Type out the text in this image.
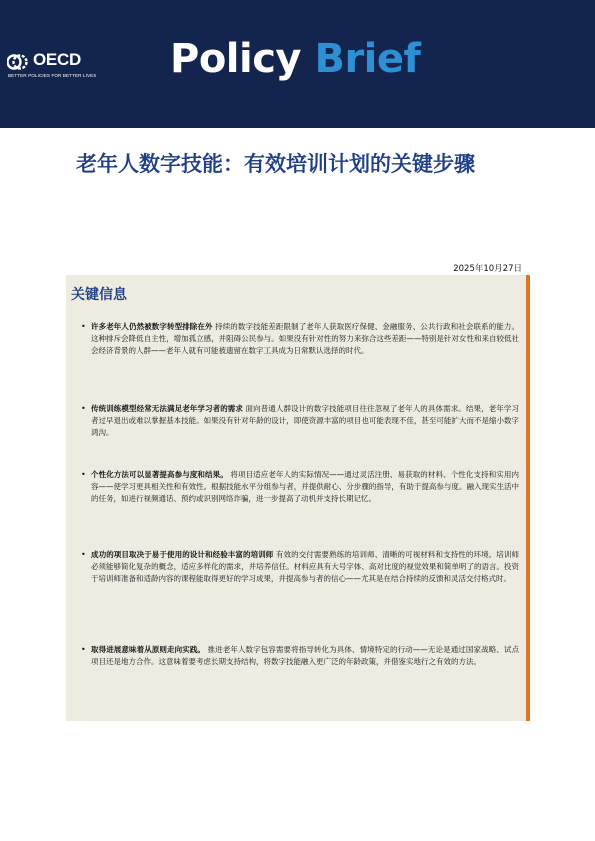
OECD
BETTER POLICIES FOR BETTER LIVES Policy Brief
老年人数字技能：有效培训计划的关键步骤
2025年10月27日
关键信息

• 许多老年人仍然被数字转型排除在外 持续的数字技能差距限制了老年人获取医疗保健、金融服务、公共行政和社会联系的能力。这种排斥会降低自主性，增加孤立感，并阻碍公民参与。如果没有针对性的努力来弥合这些差距——特别是针对女性和来自较低社会经济背景的人群——老年人就有可能被遗留在数字工具成为日常默认选择的时代。

• 传统训练模型经常无法满足老年学习者的需求 面向普通人群设计的数字技能项目往往忽视了老年人的具体需求。结果，老年学习者过早退出或难以掌握基本技能。如果没有针对年龄的设计，即使资源丰富的项目也可能表现不佳，甚至可能扩大而不是缩小数字鸿沟。

• 个性化方法可以显著提高参与度和结果。 将项目适应老年人的实际情况——通过灵活注册、易获取的材料、个性化支持和实用内容——使学习更具相关性和有效性。根据技能水平分组参与者，并提供耐心、分步骤的指导，有助于提高参与度。融入现实生活中的任务，如进行视频通话、预约或识别网络诈骗，进一步提高了动机并支持长期记忆。

• 成功的项目取决于易于使用的设计和经验丰富的培训师 有效的交付需要熟练的培训师、清晰的可视材料和支持性的环境。培训师必须能够简化复杂的概念，适应多样化的需求，并培养信任。材料应具有大号字体、高对比度的视觉效果和简单明了的语言。投资于培训师准备和适龄内容的课程能取得更好的学习成果，并提高参与者的信心——尤其是在结合持续的反馈和灵活交付格式时。

• 取得进展意味着从原则走向实践。 推进老年人数字包容需要将指导转化为具体、情境特定的行动——无论是通过国家战略、试点项目还是地方合作。这意味着要考虑长期支持结构，将数字技能融入更广泛的年龄政策，并借鉴实地行之有效的方法。
